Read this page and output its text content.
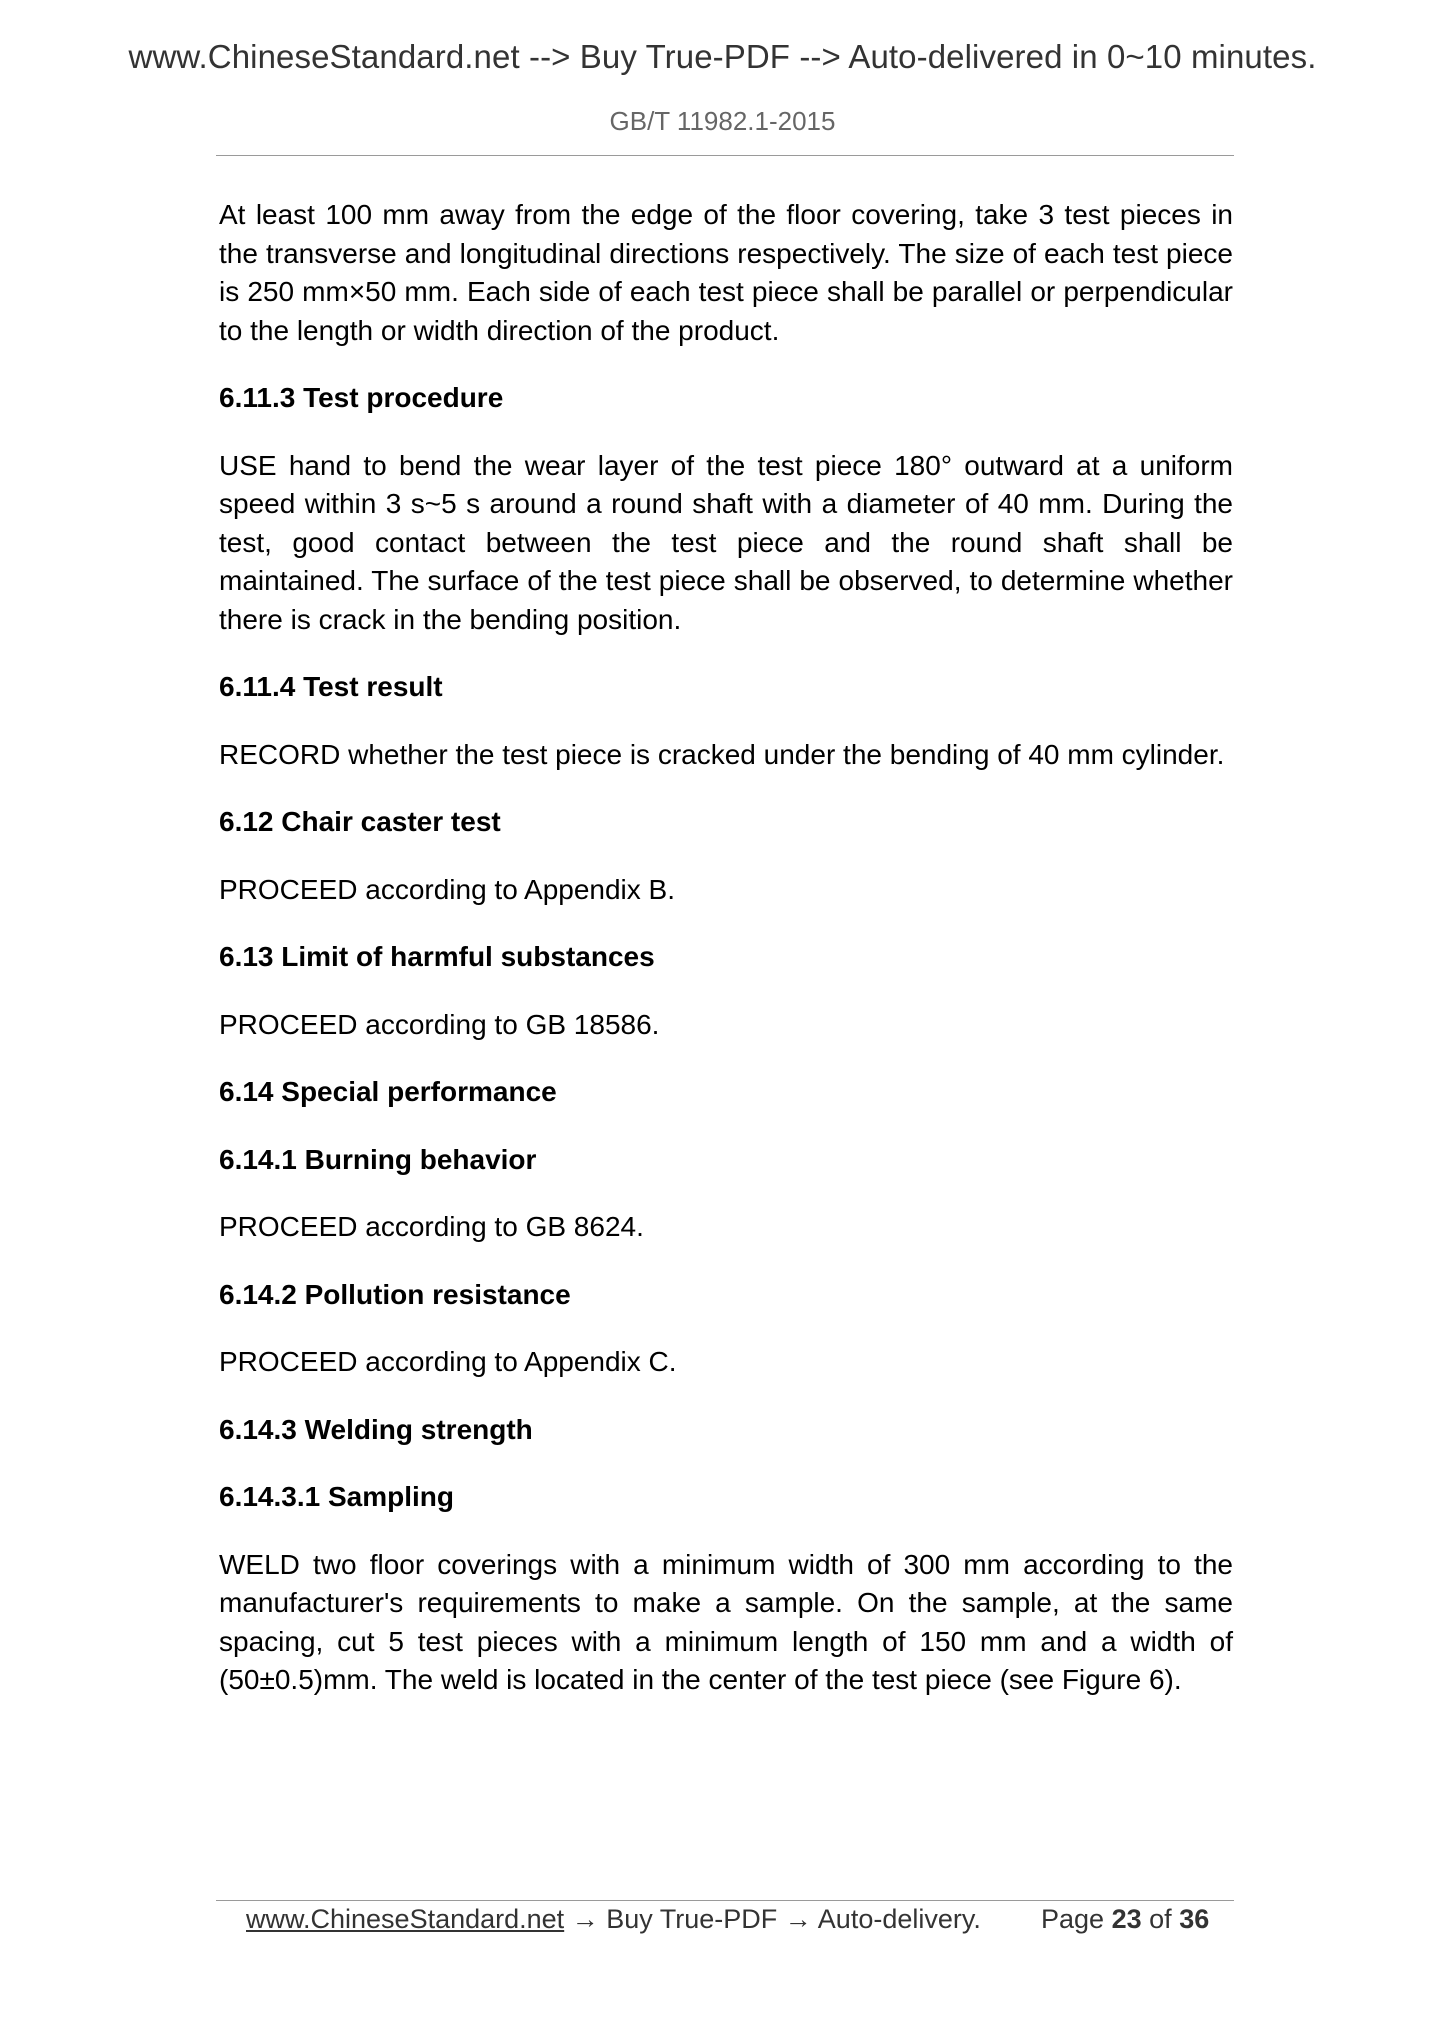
www.ChineseStandard.net --> Buy True-PDF --> Auto-delivered in 0~10 minutes.
GB/T 11982.1-2015

At least 100 mm away from the edge of the floor covering, take 3 test pieces in the transverse and longitudinal directions respectively. The size of each test piece is 250 mm×50 mm. Each side of each test piece shall be parallel or perpendicular to the length or width direction of the product.

6.11.3 Test procedure

USE hand to bend the wear layer of the test piece 180° outward at a uniform speed within 3 s~5 s around a round shaft with a diameter of 40 mm. During the test, good contact between the test piece and the round shaft shall be maintained. The surface of the test piece shall be observed, to determine whether there is crack in the bending position.

6.11.4 Test result

RECORD whether the test piece is cracked under the bending of 40 mm cylinder.

6.12 Chair caster test

PROCEED according to Appendix B.

6.13 Limit of harmful substances

PROCEED according to GB 18586.

6.14 Special performance
6.14.1 Burning behavior

PROCEED according to GB 8624.

6.14.2 Pollution resistance

PROCEED according to Appendix C.

6.14.3 Welding strength
6.14.3.1 Sampling

WELD two floor coverings with a minimum width of 300 mm according to the manufacturer's requirements to make a sample. On the sample, at the same spacing, cut 5 test pieces with a minimum length of 150 mm and a width of (50±0.5)mm. The weld is located in the center of the test piece (see Figure 6).

www.ChineseStandard.net → Buy True-PDF → Auto-delivery. Page 23 of 36
